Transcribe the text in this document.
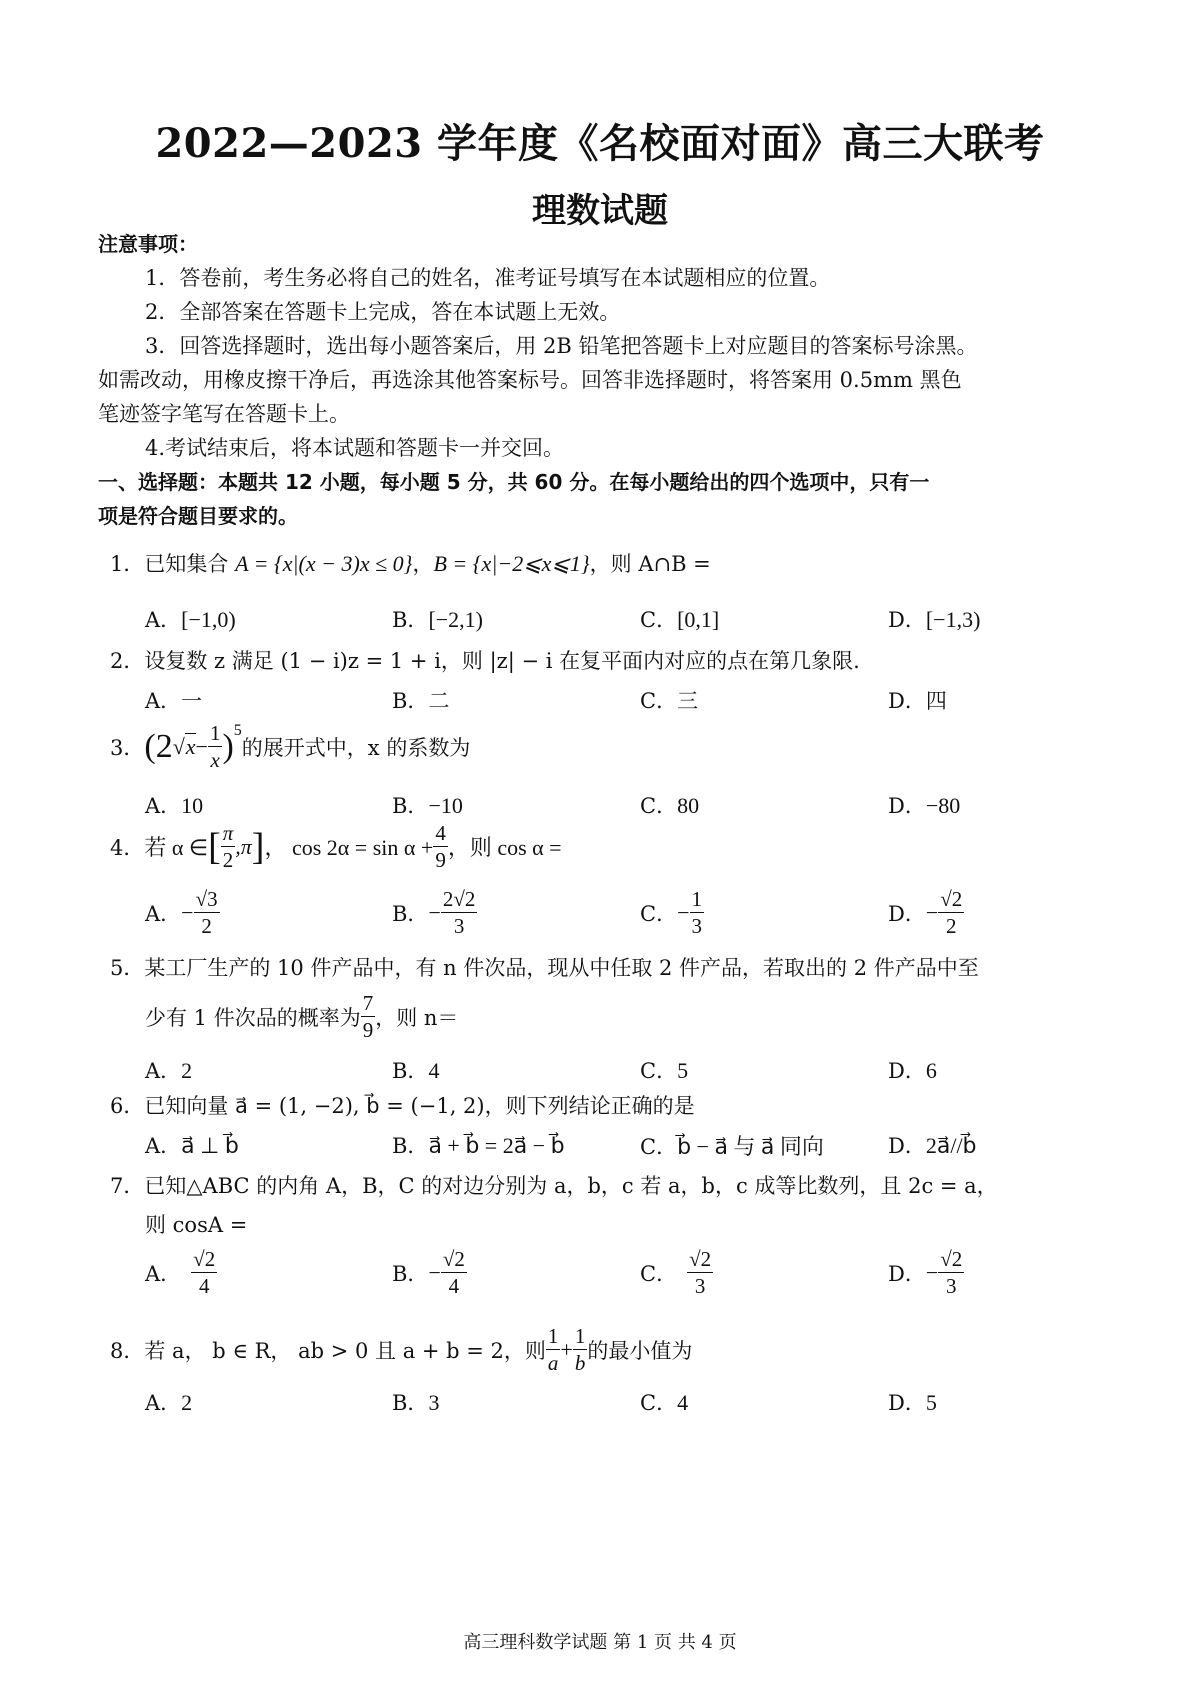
2022—2023 学年度《名校面对面》高三大联考
理数试题
注意事项：
1．答卷前，考生务必将自己的姓名，准考证号填写在本试题相应的位置。
2．全部答案在答题卡上完成，答在本试题上无效。
3．回答选择题时，选出每小题答案后，用 2B 铅笔把答题卡上对应题目的答案标号涂黑。
如需改动，用橡皮擦干净后，再选涂其他答案标号。回答非选择题时，将答案用 0.5mm 黑色
笔迹签字笔写在答题卡上。
4.考试结束后，将本试题和答题卡一并交回。
一、选择题：本题共 12 小题，每小题 5 分，共 60 分。在每小题给出的四个选项中，只有一
项是符合题目要求的。
1．已知集合 A = {x|(x − 3)x ≤ 0}，B = {x|−2⩽x⩽1}，则 A∩B =
A．[−1,0)	B．[−2,1)	C．[0,1]	D．[−1,3)
2．设复数 z 满足 (1 − i)z = 1 + i，则 |z| − i 在复平面内对应的点在第几象限.
A．一	B．二	C．三	D．四
3． (2 $√x - \frac{1}{x} )^5$
的展开式中，x 的系数为
A．10	B．−10	C．80	D．−80
4． 若 α ∈ [ $\frac{\pi}{2} ,\pi$ ] ， $\cos 2\alpha = \sin \alpha + \frac{4}{9}$ ，则 cos α =
A． − $\frac{√3}{2}$	B． − $\frac{2√2}{3}$	C． − $\frac{1}{3}$	D． − $\frac{√2}{2}$
5．某工厂生产的 10 件产品中，有 n 件次品，现从中任取 2 件产品，若取出的 2 件产品中至
少有 1 件次品的概率为 $\frac{7}{9}$ ，则 n＝
A．2	B．4	C．5	D．6
6．已知向量 a⃗ = (1, −2), b⃗ = (−1, 2)，则下列结论正确的是
A．a⃗ ⊥ b⃗	B．a⃗ + b⃗ = 2a⃗ − b⃗	C．b⃗ − a⃗ 与 a⃗ 同向	D．2a⃗//b⃗
7．已知△ABC 的内角 A，B，C 的对边分别为 a，b，c 若 a，b，c 成等比数列，且 2c = a，
则 cosA =
A． $\frac{√2}{4}$	B． − $\frac{√2}{4}$	C． $\frac{√2}{3}$	D． − $\frac{√2}{3}$
8． 若 a， b ∈ R， ab > 0 且 a + b = 2，则 $\frac{1}{a} + \frac{1}{b}$ 的最小值为
A．2	B．3	C．4	D．5
高三理科数学试题 第 1 页 共 4 页
